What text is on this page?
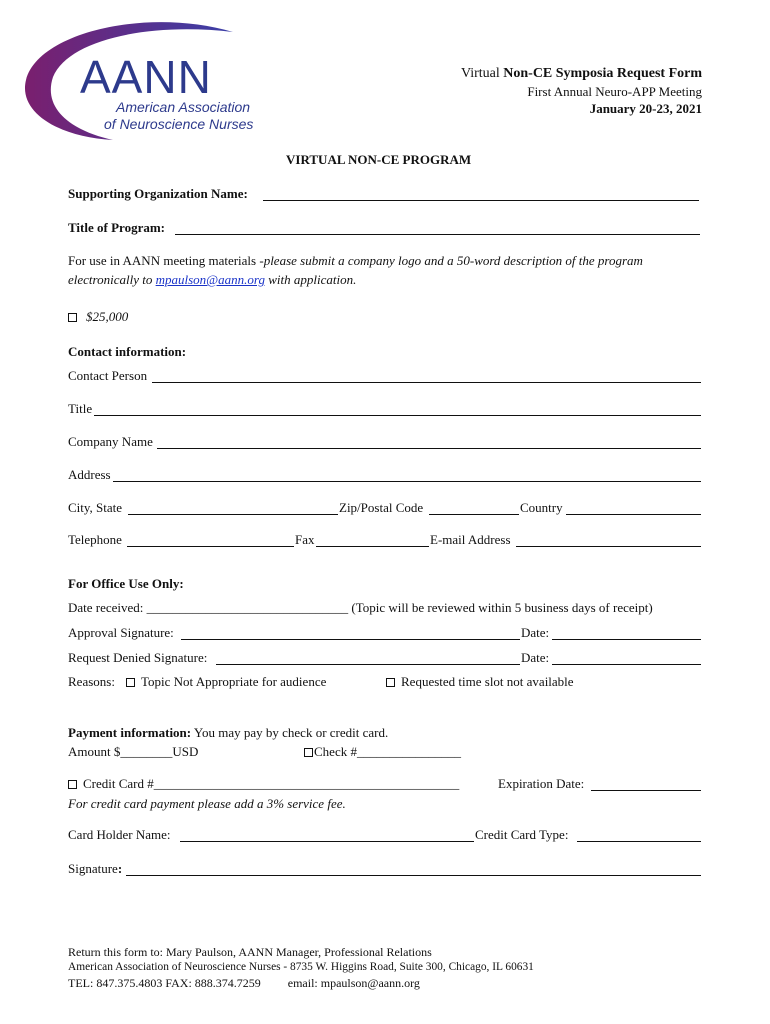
AANN
American Association
of Neuroscience Nurses
Virtual Non-CE Symposia Request Form
First Annual Neuro-APP Meeting
January 20-23, 2021
VIRTUAL NON-CE PROGRAM
Supporting Organization Name:
Title of Program:
For use in AANN meeting materials -please submit a company logo and a 50-word description of the program
electronically to mpaulson@aann.org with application.
$25,000
Contact information:
Contact Person
Title
Company Name
Address
City, State	Zip/Postal Code	Country
Telephone	Fax	E-mail Address
For Office Use Only:
Date received: _______________________________ (Topic will be reviewed within 5 business days of receipt)
Approval Signature:	Date:
Request Denied Signature:	Date:
Reasons:	Topic Not Appropriate for audience	Requested time slot not available
Payment information: You may pay by check or credit card.
Amount $________USD	Check #________________
Credit Card #_______________________________________________	Expiration Date:
For credit card payment please add a 3% service fee.
Card Holder Name:	Credit Card Type:
Signature:
Return this form to: Mary Paulson, AANN Manager, Professional Relations
American Association of Neuroscience Nurses - 8735 W. Higgins Road, Suite 300, Chicago, IL 60631
TEL: 847.375.4803 FAX: 888.374.7259         email: mpaulson@aann.org
